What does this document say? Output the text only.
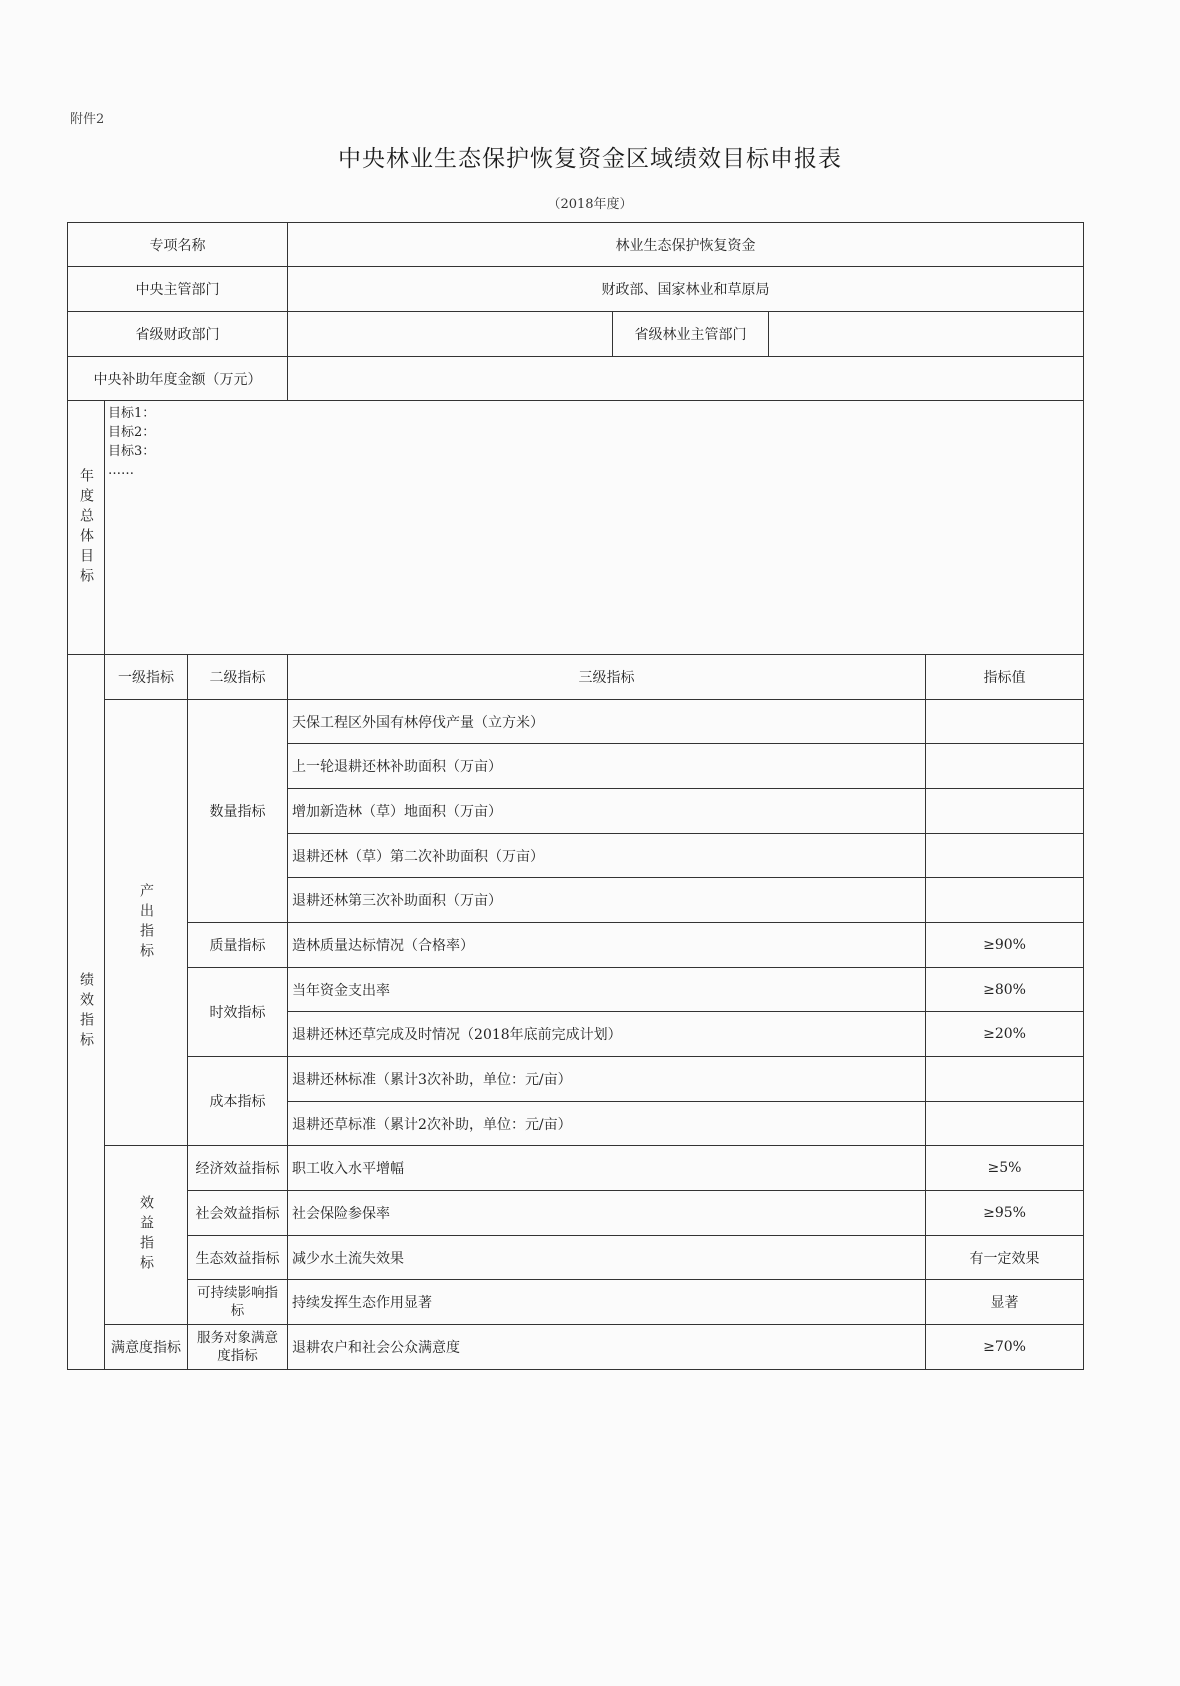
附件2
中央林业生态保护恢复资金区域绩效目标申报表
（2018年度）
专项名称			林业生态保护恢复资金			
中央主管部门			财政部、国家林业和草原局			
省级财政部门				省级林业主管部门		
中央补助年度金额（万元）						

年度总体目标	目标1：
目标2：
目标3：
……					

绩效指标	一级指标	二级指标	三级指标			指标值

	产出指标	数量指标	天保工程区外国有林停伐产量（立方米）			
			上一轮退耕还林补助面积（万亩）			
			增加新造林（草）地面积（万亩）			
			退耕还林（草）第二次补助面积（万亩）			
			退耕还林第三次补助面积（万亩）			
		质量指标	造林质量达标情况（合格率）			≥90%
		时效指标	当年资金支出率			≥80%
			退耕还林还草完成及时情况（2018年底前完成计划）			≥20%
		成本指标	退耕还林标准（累计3次补助，单位：元/亩）			
			退耕还草标准（累计2次补助，单位：元/亩）			

	效益指标	经济效益指标	职工收入水平增幅			≥5%
		社会效益指标	社会保险参保率			≥95%
		生态效益指标	减少水土流失效果			有一定效果
		可持续影响指标	持续发挥生态作用显著			显著
	满意度指标	服务对象满意度指标	退耕农户和社会公众满意度			≥70%
